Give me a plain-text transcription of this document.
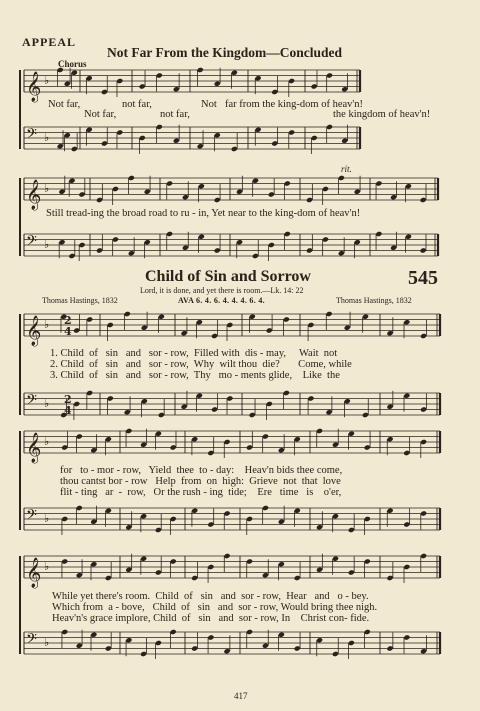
𝄞 ♭
𝄢 ♭
𝄞 ♭
𝄢 ♭
𝄞 ♭
𝄢 ♭
𝄞 ♭
𝄢 ♭
𝄞 ♭
𝄢 ♭
2
4
2
4
APPEAL
Not Far From the Kingdom—Concluded
Chorus
Not far,	not far,	Not far from the king-dom of heav'n!
Not far,	not far,	the kingdom of heav'n!
rit.
Still tread-ing the broad road to ru - in, Yet near to the king-dom of heav'n!
Child of Sin and Sorrow	545
Lord, it is done, and yet there is room.—Lk. 14: 22
Thomas Hastings, 1832	AVA 6. 4. 6. 4. 4. 4. 6. 4.	Thomas Hastings, 1832
1. Child  of   sin   and   sor - row,  Filled with  dis - may,     Wait  not
2. Child  of   sin   and   sor - row,  Why  wilt thou  die?       Come, while
3. Child  of   sin   and   sor - row,  Thy   mo - ments glide,    Like  the
for   to - mor - row,   Yield  thee  to - day:    Heav'n bids thee come,
thou cantst bor - row   Help  from  on  high:  Grieve  not  that  love
flit - ting   ar  -  row,   Or the rush - ing  tide;    Ere   time   is    o'er,
While yet there's room.  Child  of   sin   and  sor - row,  Hear   and   o - bey.
Which from  a - bove,   Child  of   sin   and  sor - row, Would bring thee nigh.
Heav'n's grace implore, Child  of   sin   and  sor - row, In    Christ con- fide.
417
